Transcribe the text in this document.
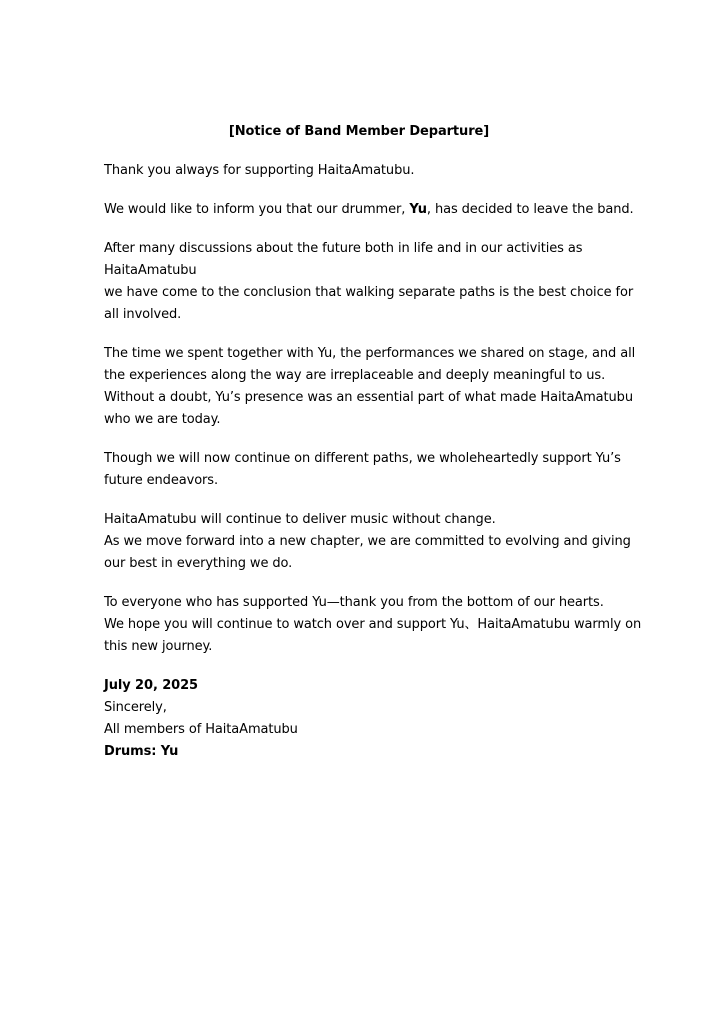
[Notice of Band Member Departure]
Thank you always for supporting HaitaAmatubu.
We would like to inform you that our drummer, Yu, has decided to leave the band.
After many discussions about the future both in life and in our activities as
HaitaAmatubu
we have come to the conclusion that walking separate paths is the best choice for
all involved.
The time we spent together with Yu, the performances we shared on stage, and all
the experiences along the way are irreplaceable and deeply meaningful to us.
Without a doubt, Yu’s presence was an essential part of what made HaitaAmatubu
who we are today.
Though we will now continue on different paths, we wholeheartedly support Yu’s
future endeavors.
HaitaAmatubu will continue to deliver music without change.
As we move forward into a new chapter, we are committed to evolving and giving
our best in everything we do.
To everyone who has supported Yu—thank you from the bottom of our hearts.
We hope you will continue to watch over and support Yu、HaitaAmatubu warmly on
this new journey.
July 20, 2025
Sincerely,
All members of HaitaAmatubu
Drums: Yu
